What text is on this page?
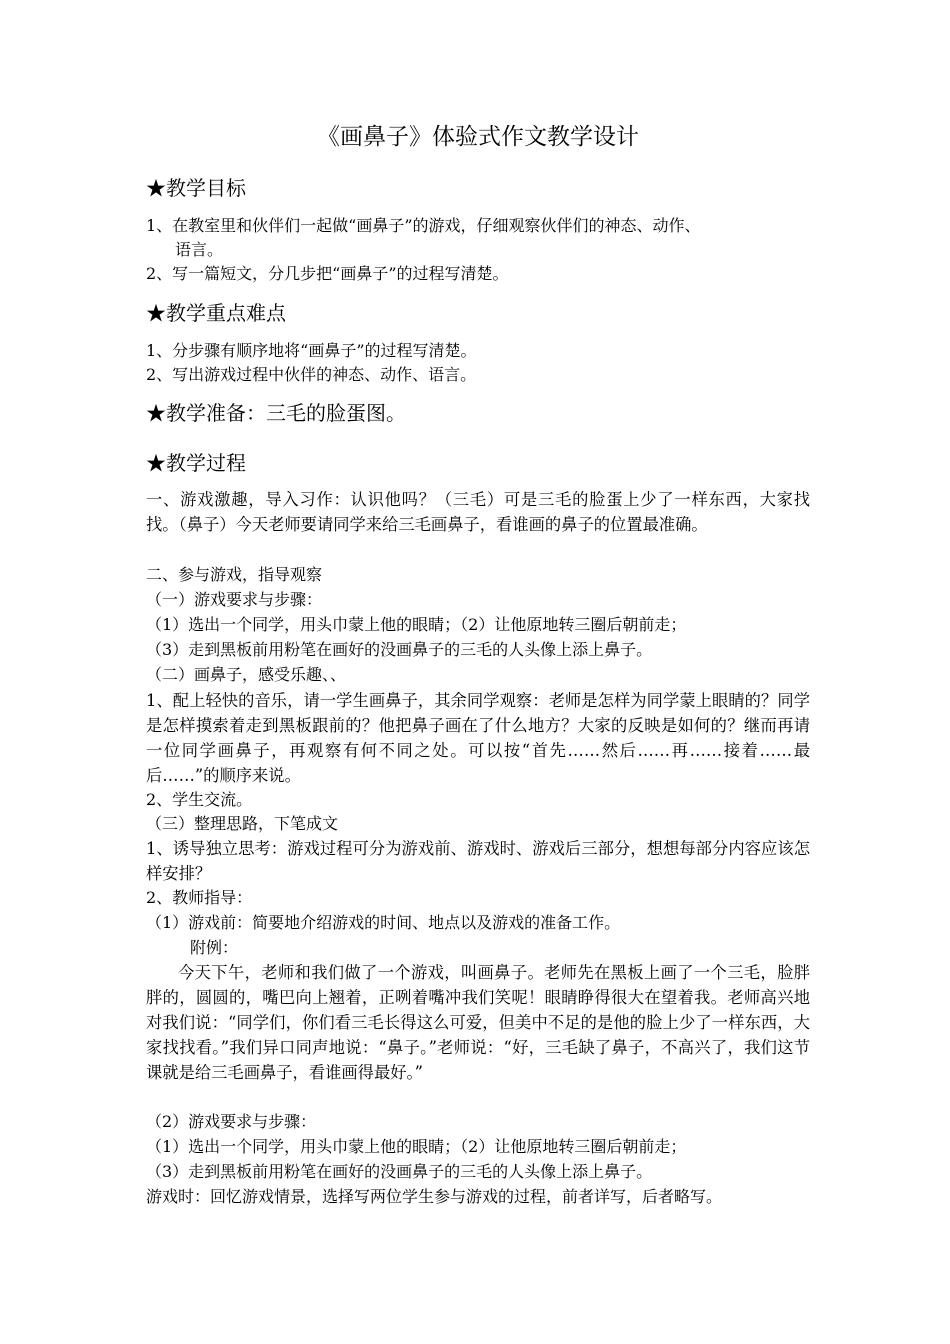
《画鼻子》体验式作文教学设计
★教学目标
1、在教室里和伙伴们一起做“画鼻子”的游戏，仔细观察伙伴们的神态、动作、
语言。
2、写一篇短文，分几步把“画鼻子”的过程写清楚。
★教学重点难点
1、分步骤有顺序地将“画鼻子”的过程写清楚。
2、写出游戏过程中伙伴的神态、动作、语言。
★教学准备：三毛的脸蛋图。
★教学过程
一、游戏激趣，导入习作：认识他吗？（三毛）可是三毛的脸蛋上少了一样东西，大家找找。（鼻子）今天老师要请同学来给三毛画鼻子，看谁画的鼻子的位置最准确。
二、参与游戏，指导观察
（一）游戏要求与步骤：
（1）选出一个同学，用头巾蒙上他的眼睛；（2）让他原地转三圈后朝前走；
（3）走到黑板前用粉笔在画好的没画鼻子的三毛的人头像上添上鼻子。
（二）画鼻子，感受乐趣、、
1、配上轻快的音乐，请一学生画鼻子，其余同学观察：老师是怎样为同学蒙上眼睛的？同学是怎样摸索着走到黑板跟前的？他把鼻子画在了什么地方？大家的反映是如何的？继而再请一位同学画鼻子，再观察有何不同之处。可以按“首先……然后……再……接着……最后……”的顺序来说。
2、学生交流。
（三）整理思路，下笔成文
1、诱导独立思考：游戏过程可分为游戏前、游戏时、游戏后三部分，想想每部分内容应该怎样安排？
2、教师指导：
（1）游戏前：简要地介绍游戏的时间、地点以及游戏的准备工作。
附例：
今天下午，老师和我们做了一个游戏，叫画鼻子。老师先在黑板上画了一个三毛，脸胖胖的，圆圆的，嘴巴向上翘着，正咧着嘴冲我们笑呢！眼睛睁得很大在望着我。老师高兴地对我们说：“同学们，你们看三毛长得这么可爱，但美中不足的是他的脸上少了一样东西，大家找找看。”我们异口同声地说：“鼻子。”老师说：“好，三毛缺了鼻子，不高兴了，我们这节课就是给三毛画鼻子，看谁画得最好。”
（2）游戏要求与步骤：
（1）选出一个同学，用头巾蒙上他的眼睛；（2）让他原地转三圈后朝前走；
（3）走到黑板前用粉笔在画好的没画鼻子的三毛的人头像上添上鼻子。
游戏时：回忆游戏情景，选择写两位学生参与游戏的过程，前者详写，后者略写。
